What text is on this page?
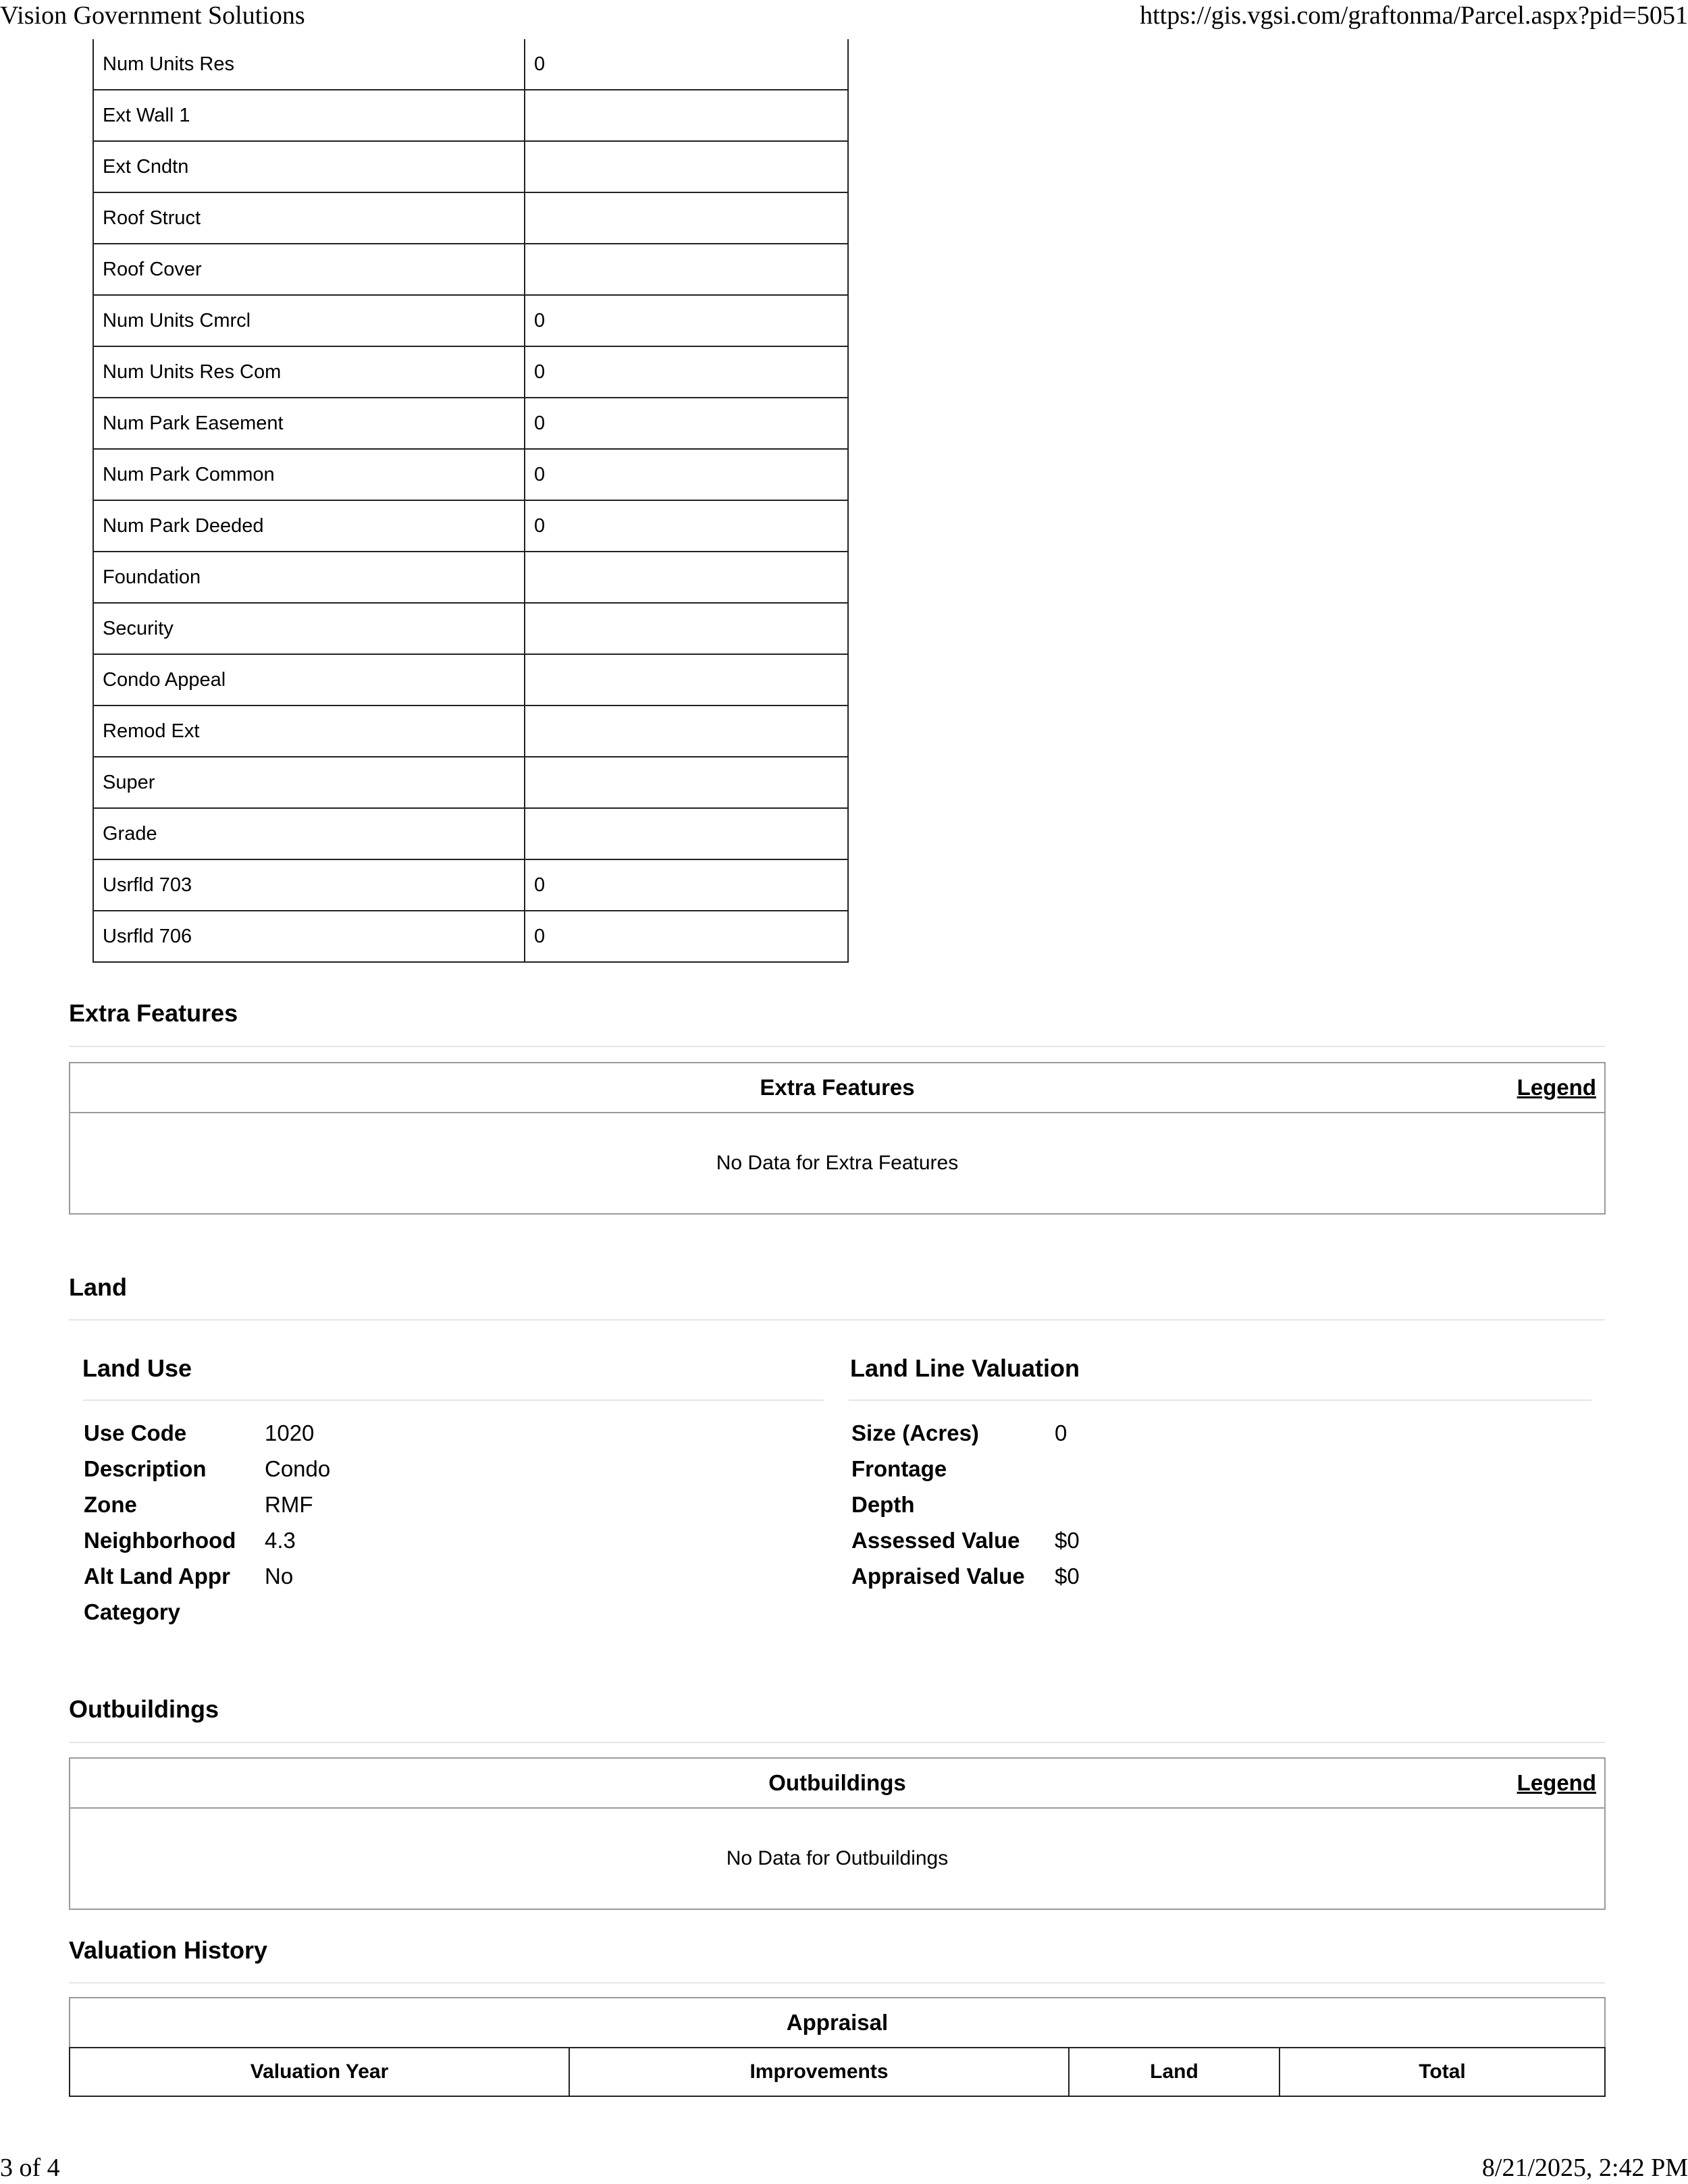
Vision Government Solutions	https://gis.vgsi.com/graftonma/Parcel.aspx?pid=5051
Num Units Res	0
Ext Wall 1	
Ext Cndtn	
Roof Struct	
Roof Cover	
Num Units Cmrcl	0
Num Units Res Com	0
Num Park Easement	0
Num Park Common	0
Num Park Deeded	0
Foundation	
Security	
Condo Appeal	
Remod Ext	
Super	
Grade	
Usrfld 703	0
Usrfld 706	0
Extra Features
Extra Features	Legend
No Data for Extra Features
Land
Land Use
Use Code	1020
Description	Condo
Zone	RMF
Neighborhood 4.3
Alt Land Appr No
Category
Land Line Valuation
Size (Acres)	0
Frontage
Depth
Assessed Value $0
Appraised Value $0
Outbuildings
Outbuildings	Legend
No Data for Outbuildings
Valuation History
Appraisal
Valuation Year	Improvements	Land	Total
3 of 4	8/21/2025, 2:42 PM
